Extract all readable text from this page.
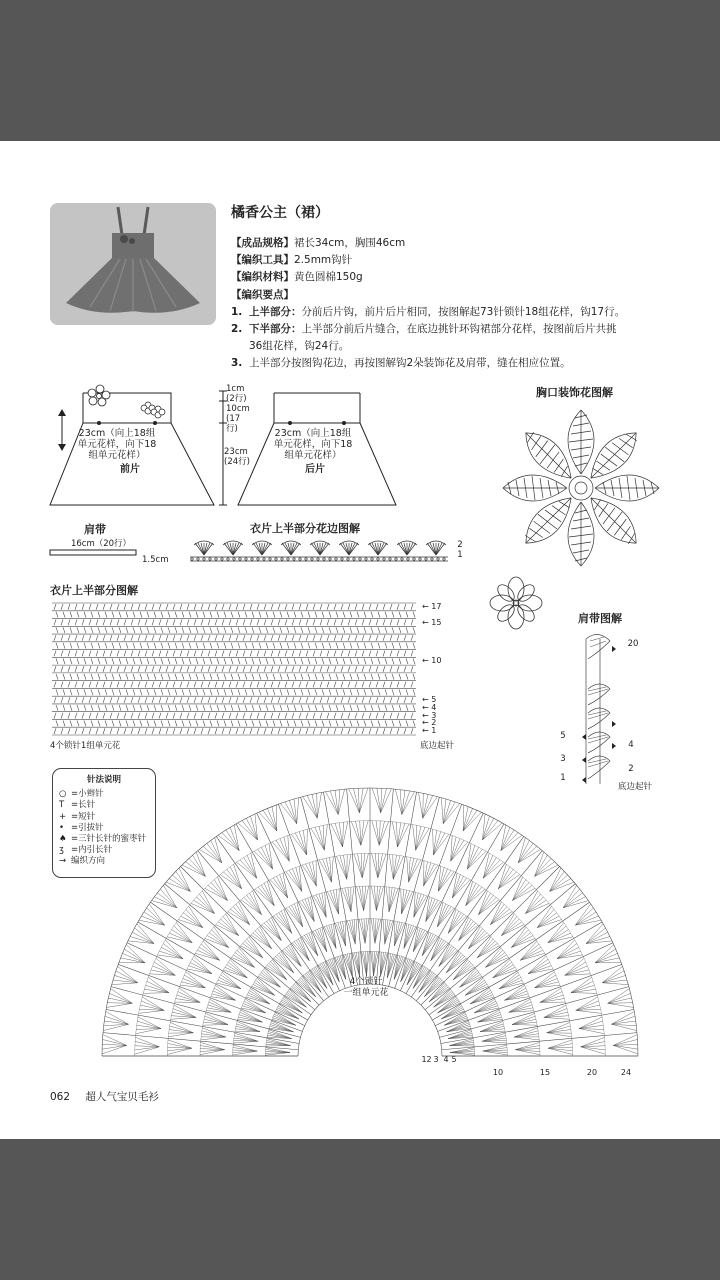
橘香公主（裙）
【成品规格】裙长34cm，胸围46cm
【编织工具】2.5mm钩针
【编织材料】黄色圆棉150g
【编织要点】
1. 上半部分：分前后片钩，前片后片相同，按图解起73针锁针18组花样，钩17行。
2. 下半部分：上半部分前后片缝合，在底边挑针环钩裙部分花样，按图前后片共挑
36组花样，钩24行。
3. 上半部分按图钩花边，再按图解钩2朵装饰花及肩带，缝在相应位置。
23cm（向上18组
单元花样，向下18
组单元花样）
前片
23cm（向上18组
单元花样，向下18
组单元花样）
后片
1cm
(2行)
10cm
(17行)
23cm
(24行)
胸口装饰花图解
肩带
16cm（20行）
1.5cm
衣片上半部分花边图解
2
1
衣片上半部分图解
← 17
← 15
← 10
← 5
← 4
← 3
← 2
← 1
4个锁针1组单元花	底边起针
肩带图解
20
5
4
3
2
1
底边起针
针法说明
○ =小辫针
T =长针
+ =短针
• =引拔针
♠ =三针长针的蜜枣针
ʒ =内引长针
→ 编织方向
4个锁针
一组单元花
1 2 3 4 5
10	15	20	24
062 超人气宝贝毛衫
